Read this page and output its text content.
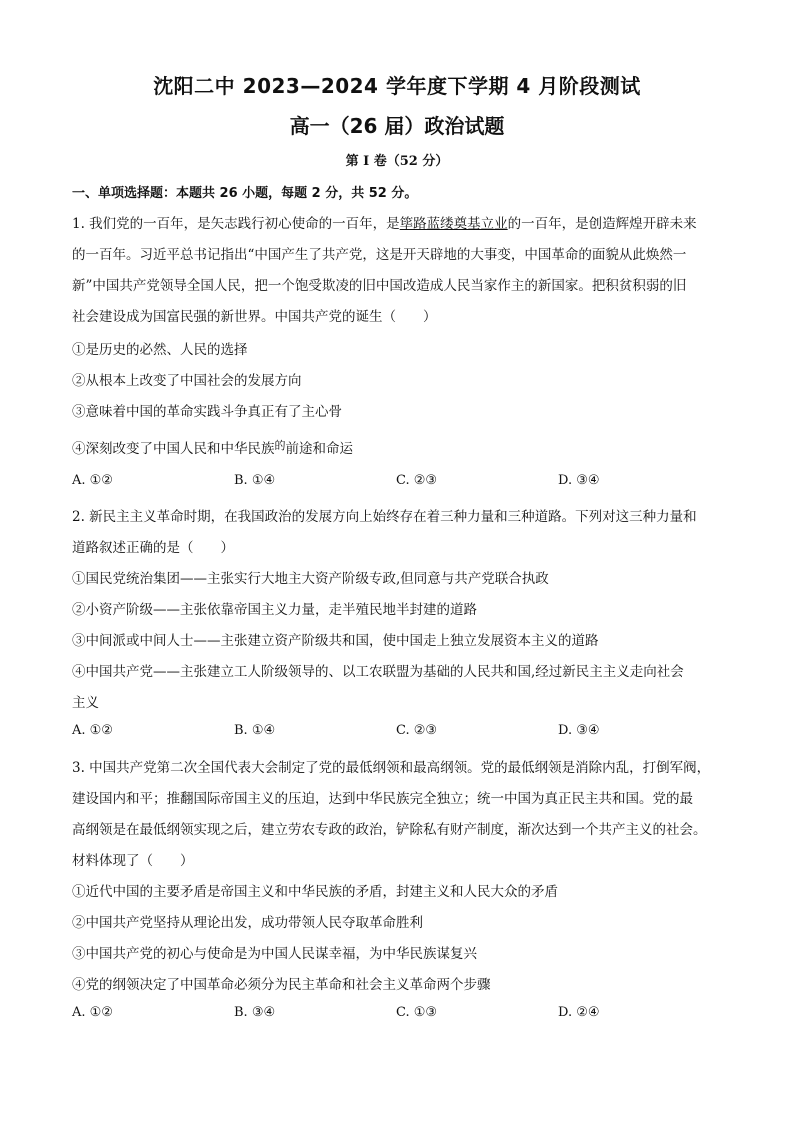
沈阳二中 2023—2024 学年度下学期 4 月阶段测试
高一（26 届）政治试题
第 I 卷（52 分）
一、单项选择题：本题共 26 小题，每题 2 分，共 52 分。
1. 我们党的一百年，是矢志践行初心使命的一百年，是筚路蓝缕奠基立业的一百年，是创造辉煌开辟未来
的一百年。习近平总书记指出“中国产生了共产党，这是开天辟地的大事变，中国革命的面貌从此焕然一
新”中国共产党领导全国人民，把一个饱受欺凌的旧中国改造成人民当家作主的新国家。把积贫积弱的旧
社会建设成为国富民强的新世界。中国共产党的诞生（　　）
①是历史的必然、人民的选择
②从根本上改变了中国社会的发展方向
③意味着中国的革命实践斗争真正有了主心骨
④深刻改变了中国人民和中华民族$^的$前途和命运
A. ①②	B. ①④	C. ②③	D. ③④
2. 新民主主义革命时期，在我国政治的发展方向上始终存在着三种力量和三种道路。下列对这三种力量和
道路叙述正确的是（　　）
①国民党统治集团——主张实行大地主大资产阶级专政,但同意与共产党联合执政
②小资产阶级——主张依靠帝国主义力量，走半殖民地半封建的道路
③中间派或中间人士——主张建立资产阶级共和国，使中国走上独立发展资本主义的道路
④中国共产党——主张建立工人阶级领导的、以工农联盟为基础的人民共和国,经过新民主主义走向社会
主义
A. ①②	B. ①④	C. ②③	D. ③④
3. 中国共产党第二次全国代表大会制定了党的最低纲领和最高纲领。党的最低纲领是消除内乱，打倒军阀，
建设国内和平；推翻国际帝国主义的压迫，达到中华民族完全独立；统一中国为真正民主共和国。党的最
高纲领是在最低纲领实现之后，建立劳农专政的政治，铲除私有财产制度，渐次达到一个共产主义的社会。
材料体现了（　　）
①近代中国的主要矛盾是帝国主义和中华民族的矛盾，封建主义和人民大众的矛盾
②中国共产党坚持从理论出发，成功带领人民夺取革命胜利
③中国共产党的初心与使命是为中国人民谋幸福，为中华民族谋复兴
④党的纲领决定了中国革命必须分为民主革命和社会主义革命两个步骤
A. ①②	B. ③④	C. ①③	D. ②④
